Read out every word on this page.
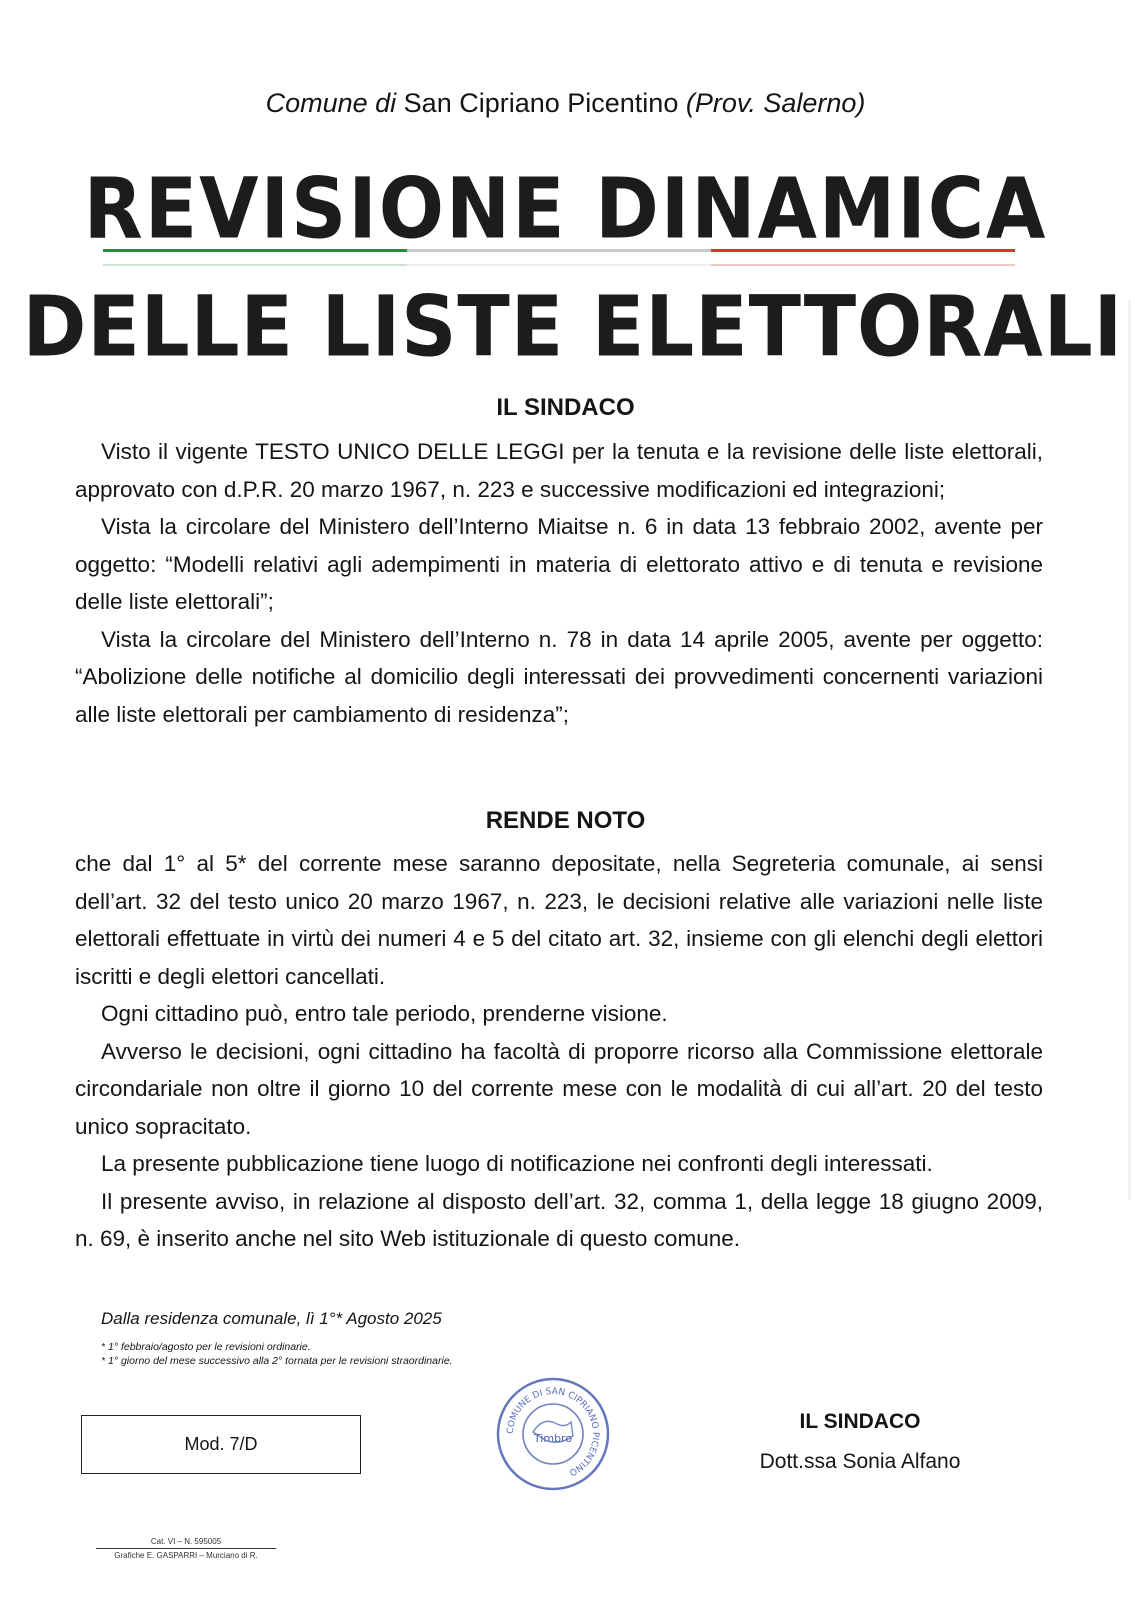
Comune di San Cipriano Picentino (Prov. Salerno)
REVISIONE DINAMICA
DELLE LISTE ELETTORALI
IL SINDACO

Visto il vigente TESTO UNICO DELLE LEGGI per la tenuta e la revisione delle liste elettorali, approvato con d.P.R. 20 marzo 1967, n. 223 e successive modificazioni ed integrazioni;

Vista la circolare del Ministero dell’Interno Miaitse n. 6 in data 13 febbraio 2002, avente per oggetto: “Modelli relativi agli adempimenti in materia di elettorato attivo e di tenuta e revisione delle liste elettorali”;

Vista la circolare del Ministero dell’Interno n. 78 in data 14 aprile 2005, avente per oggetto: “Abolizione delle notifiche al domicilio degli interessati dei provvedimenti concernenti variazioni alle liste elettorali per cambiamento di residenza”;

RENDE NOTO

che dal 1° al 5* del corrente mese saranno depositate, nella Segreteria comunale, ai sensi dell’art. 32 del testo unico 20 marzo 1967, n. 223, le decisioni relative alle variazioni nelle liste elettorali effettuate in virtù dei numeri 4 e 5 del citato art. 32, insieme con gli elenchi degli elettori iscritti e degli elettori cancellati.

Ogni cittadino può, entro tale periodo, prenderne visione.

Avverso le decisioni, ogni cittadino ha facoltà di proporre ricorso alla Commissione elettorale circondariale non oltre il giorno 10 del corrente mese con le modalità di cui all’art. 20 del testo unico sopracitato.

La presente pubblicazione tiene luogo di notificazione nei confronti degli interessati.

Il presente avviso, in relazione al disposto dell’art. 32, comma 1, della legge 18 giugno 2009, n. 69, è inserito anche nel sito Web istituzionale di questo comune.

Dalla residenza comunale, lì 1°* Agosto 2025
* 1° febbraio/agosto per le revisioni ordinarie.
* 1° giorno del mese successivo alla 2° tornata per le revisioni straordinarie.
Mod. 7/D
COMUNE DI SAN CIPRIANO PICENTINO
Timbro
IL SINDACO
Dott.ssa Sonia Alfano
Cat. VI – N. 595005
Grafiche E. GASPARRI – Murciano di R.
